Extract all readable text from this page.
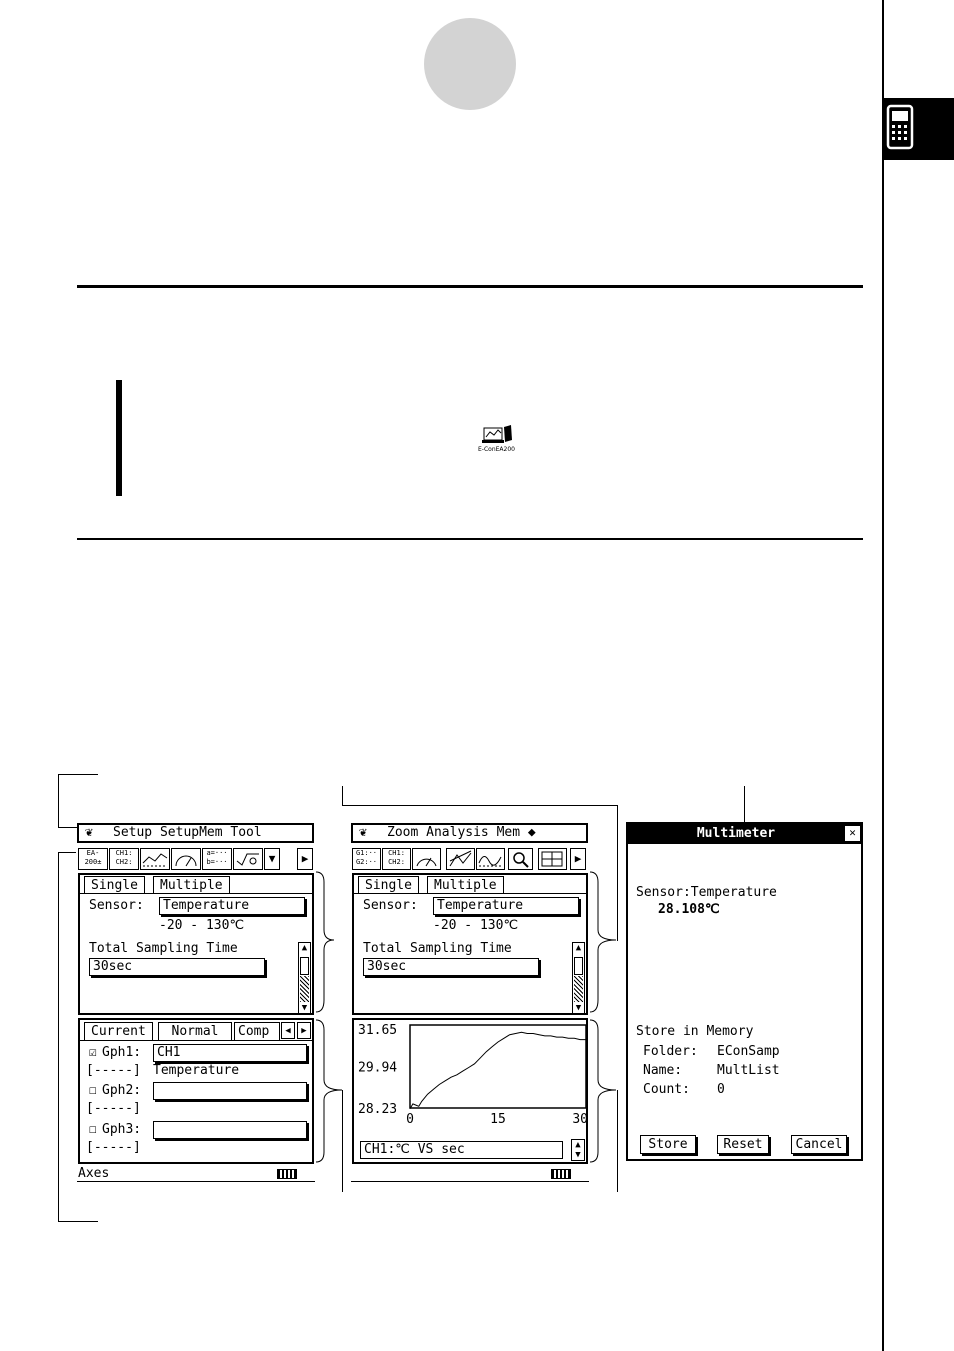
E-ConEA200
❦ Setup SetupMem Tool
EA-
200±
CH1:
CH2:
a=···
b=···	▼	▶
Single	Multiple
Sensor:	Temperature
-20 - 130℃
Total Sampling Time
30sec
▲
▼
Current	Normal	Comp	◀	▶
☑ Gph1:	CH1
[-----] Temperature
☐ Gph2:
[-----]
☐ Gph3:
[-----]
Axes
❦ Zoom Analysis Mem ◆
G1:··
G2:··
CH1:
CH2:	▶
Single	Multiple
Sensor:	Temperature
-20 - 130℃
Total Sampling Time
30sec
▲
▼
31.65
29.94
28.23
0	15	30
CH1:℃ VS sec	▲
▼
Multimeter	✕
Sensor:Temperature
28.108℃
Store in Memory
Folder: EConSamp
Name:	MultList
Count: 0
Store	Reset	Cancel
